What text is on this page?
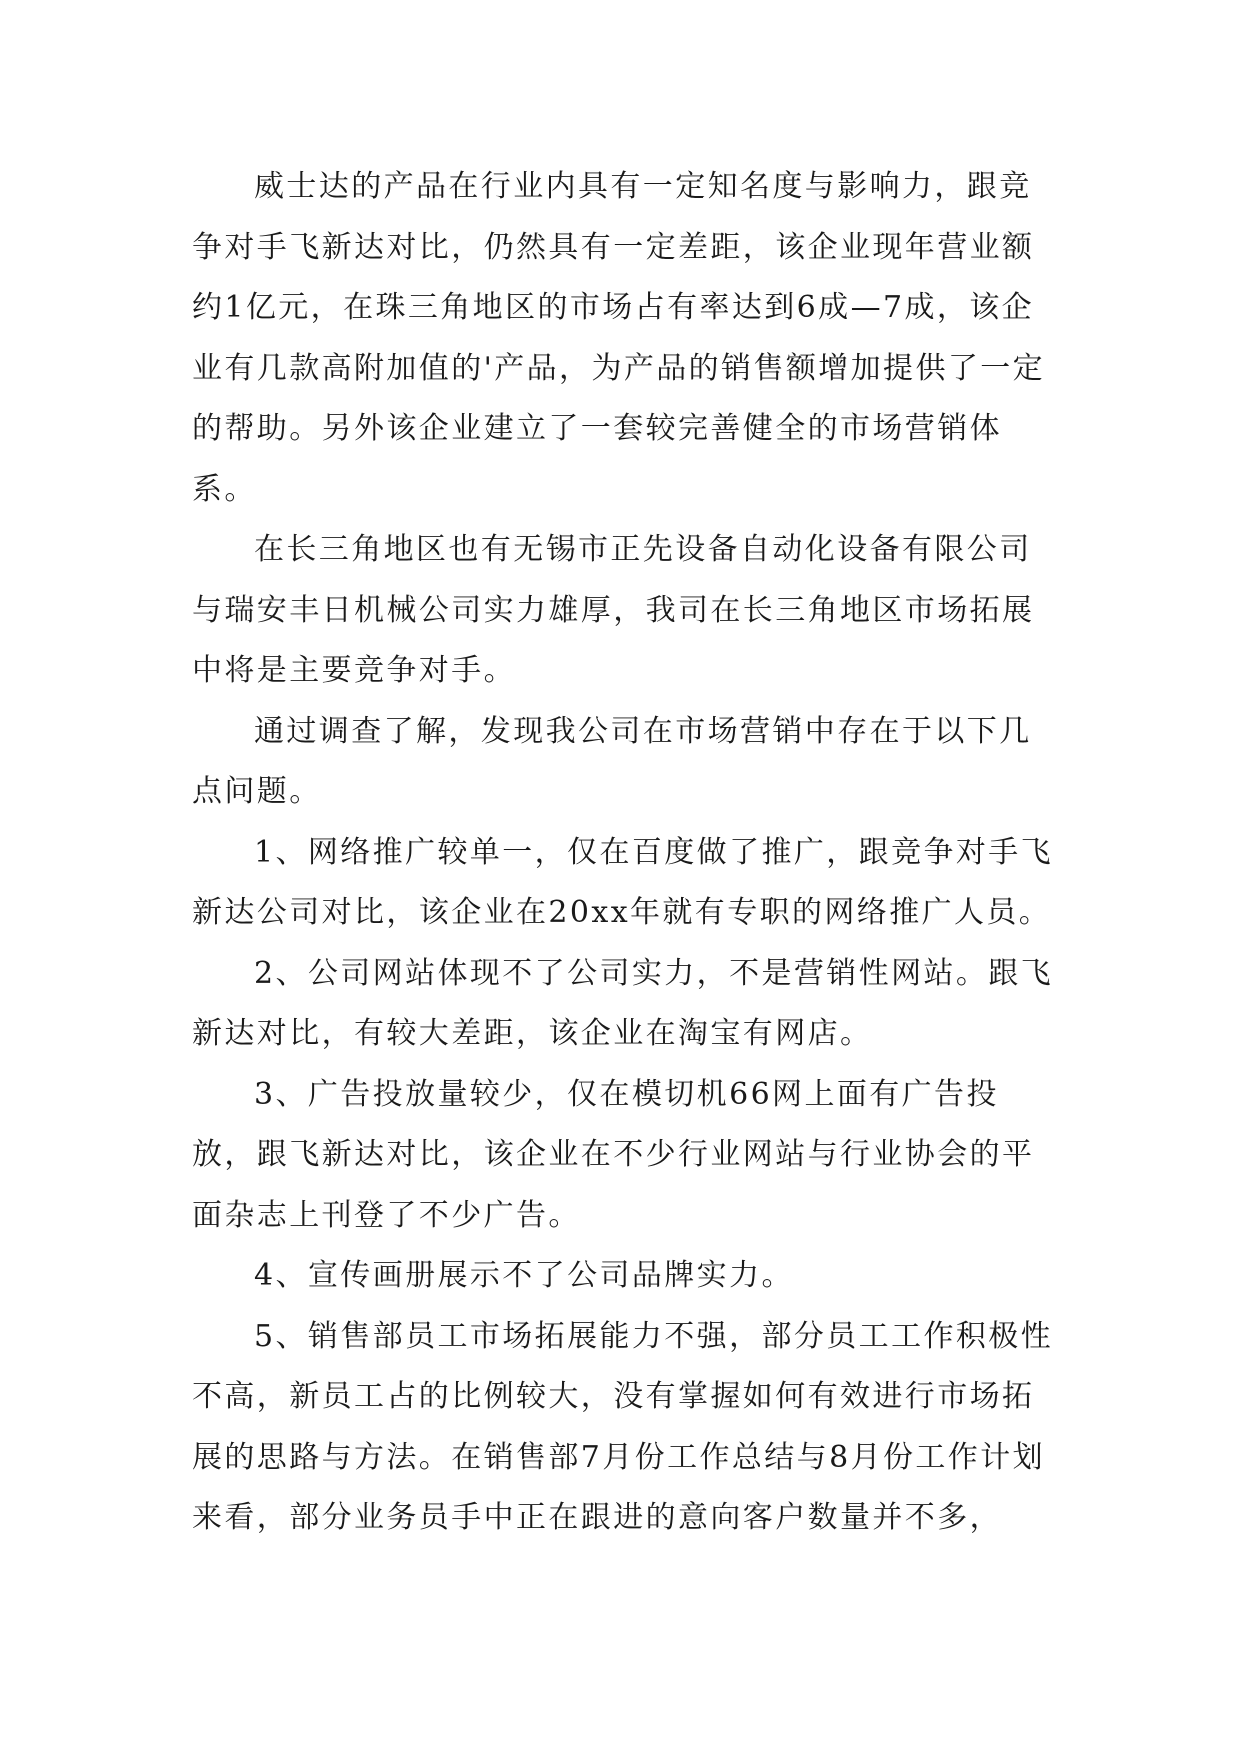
威士达的产品在行业内具有一定知名度与影响力，跟竞争对手飞新达对比，仍然具有一定差距，该企业现年营业额约1亿元，在珠三角地区的市场占有率达到6成—7成，该企业有几款高附加值的'产品，为产品的销售额增加提供了一定的帮助。另外该企业建立了一套较完善健全的市场营销体系。

在长三角地区也有无锡市正先设备自动化设备有限公司与瑞安丰日机械公司实力雄厚，我司在长三角地区市场拓展中将是主要竞争对手。

通过调查了解，发现我公司在市场营销中存在于以下几点问题。

1、网络推广较单一，仅在百度做了推广，跟竞争对手飞新达公司对比，该企业在20xx年就有专职的网络推广人员。

2、公司网站体现不了公司实力，不是营销性网站。跟飞新达对比，有较大差距，该企业在淘宝有网店。

3、广告投放量较少，仅在模切机66网上面有广告投放，跟飞新达对比，该企业在不少行业网站与行业协会的平面杂志上刊登了不少广告。

4、宣传画册展示不了公司品牌实力。

5、销售部员工市场拓展能力不强，部分员工工作积极性不高，新员工占的比例较大，没有掌握如何有效进行市场拓展的思路与方法。在销售部7月份工作总结与8月份工作计划来看，部分业务员手中正在跟进的意向客户数量并不多，
